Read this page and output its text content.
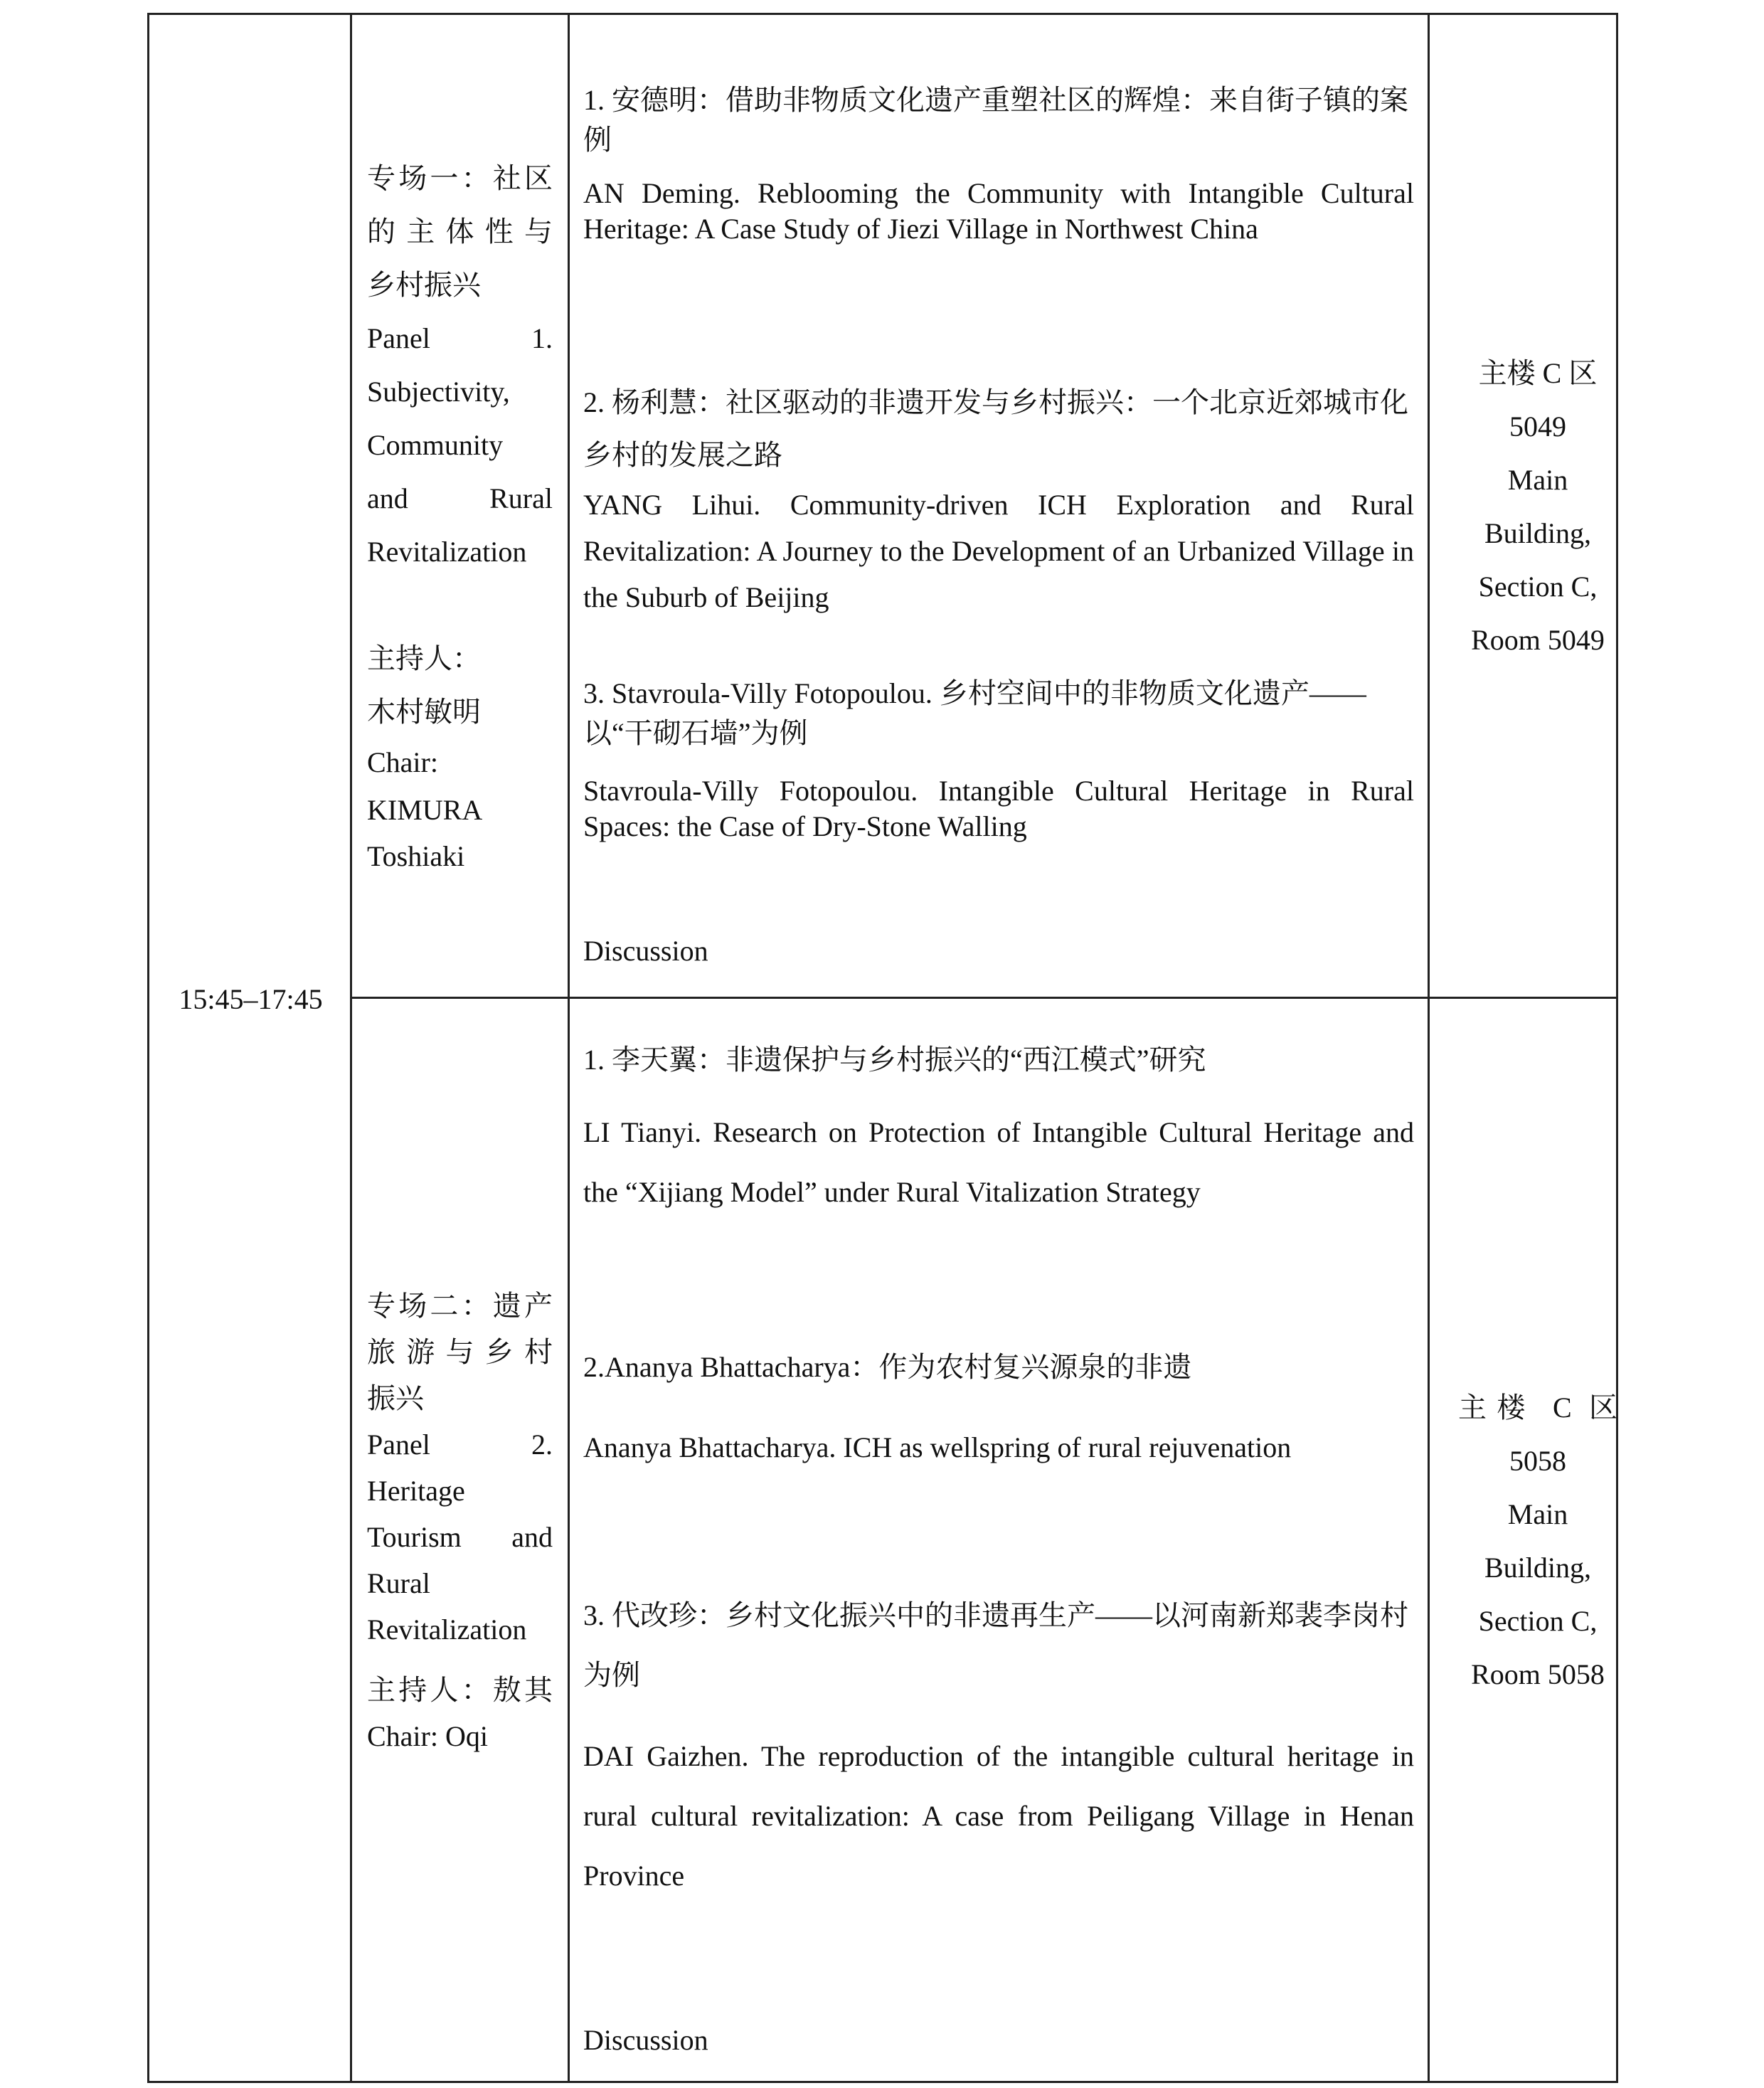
15:45–17:45
专场一：社区
的主体性与
乡村振兴
Panel 1.
Subjectivity,
Community
and Rural
Revitalization
主持人：
木村敏明
Chair:
KIMURA
Toshiaki
1. 安德明：借助非物质文化遗产重塑社区的辉煌：来自街子镇的案例
AN Deming. Reblooming the Community with Intangible Cultural Heritage: A Case Study of Jiezi Village in Northwest China
2. 杨利慧：社区驱动的非遗开发与乡村振兴：一个北京近郊城市化乡村的发展之路
YANG Lihui. Community-driven ICH Exploration and Rural Revitalization: A Journey to the Development of an Urbanized Village in the Suburb of Beijing
3. Stavroula-Villy Fotopoulou. 乡村空间中的非物质文化遗产——以“干砌石墙”为例
Stavroula-Villy Fotopoulou. Intangible Cultural Heritage in Rural Spaces: the Case of Dry-Stone Walling
Discussion
主楼 C 区
5049
Main
Building,
Section C,
Room 5049
专场二：遗产
旅游与乡村
振兴
Panel 2.
Heritage
Tourism and
Rural
Revitalization
主持人：敖其
Chair: Oqi
1. 李天翼：非遗保护与乡村振兴的“西江模式”研究
LI Tianyi. Research on Protection of Intangible Cultural Heritage and the “Xijiang Model” under Rural Vitalization Strategy
2.Ananya Bhattacharya：作为农村复兴源泉的非遗
Ananya Bhattacharya. ICH as wellspring of rural rejuvenation
3. 代改珍：乡村文化振兴中的非遗再生产——以河南新郑裴李岗村为例
DAI Gaizhen. The reproduction of the intangible cultural heritage in rural cultural revitalization: A case from Peiligang Village in Henan Province
Discussion
主楼 C 区
5058
Main
Building,
Section C,
Room 5058
